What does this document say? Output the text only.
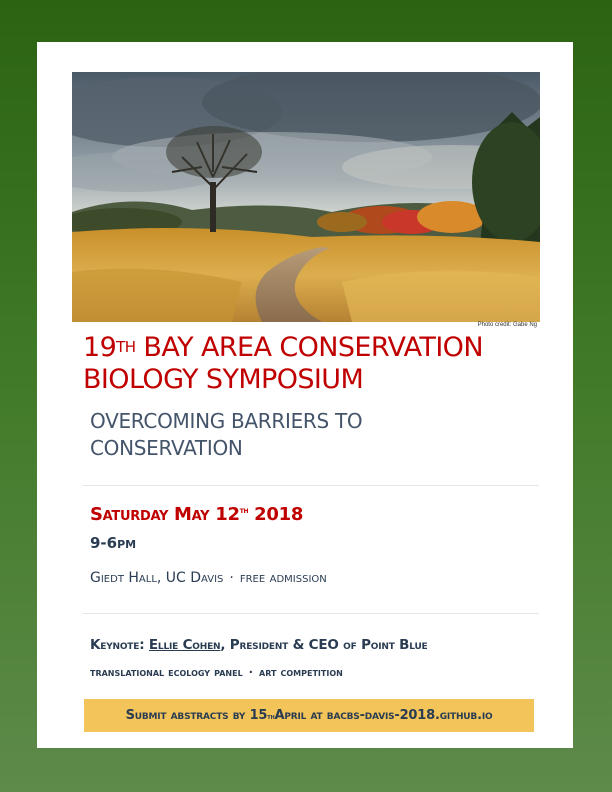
Photo credit: Gabe Ng
19TH BAY AREA CONSERVATION
BIOLOGY SYMPOSIUM
OVERCOMING BARRIERS TO
CONSERVATION
Saturday May 12th 2018
9-6pm
Giedt Hall, UC Davis · free admission
Keynote: Ellie Cohen, President & CEO of Point Blue
translational ecology panel · art competition
Submit abstracts by 15th April at bacbs-davis-2018.github.io
